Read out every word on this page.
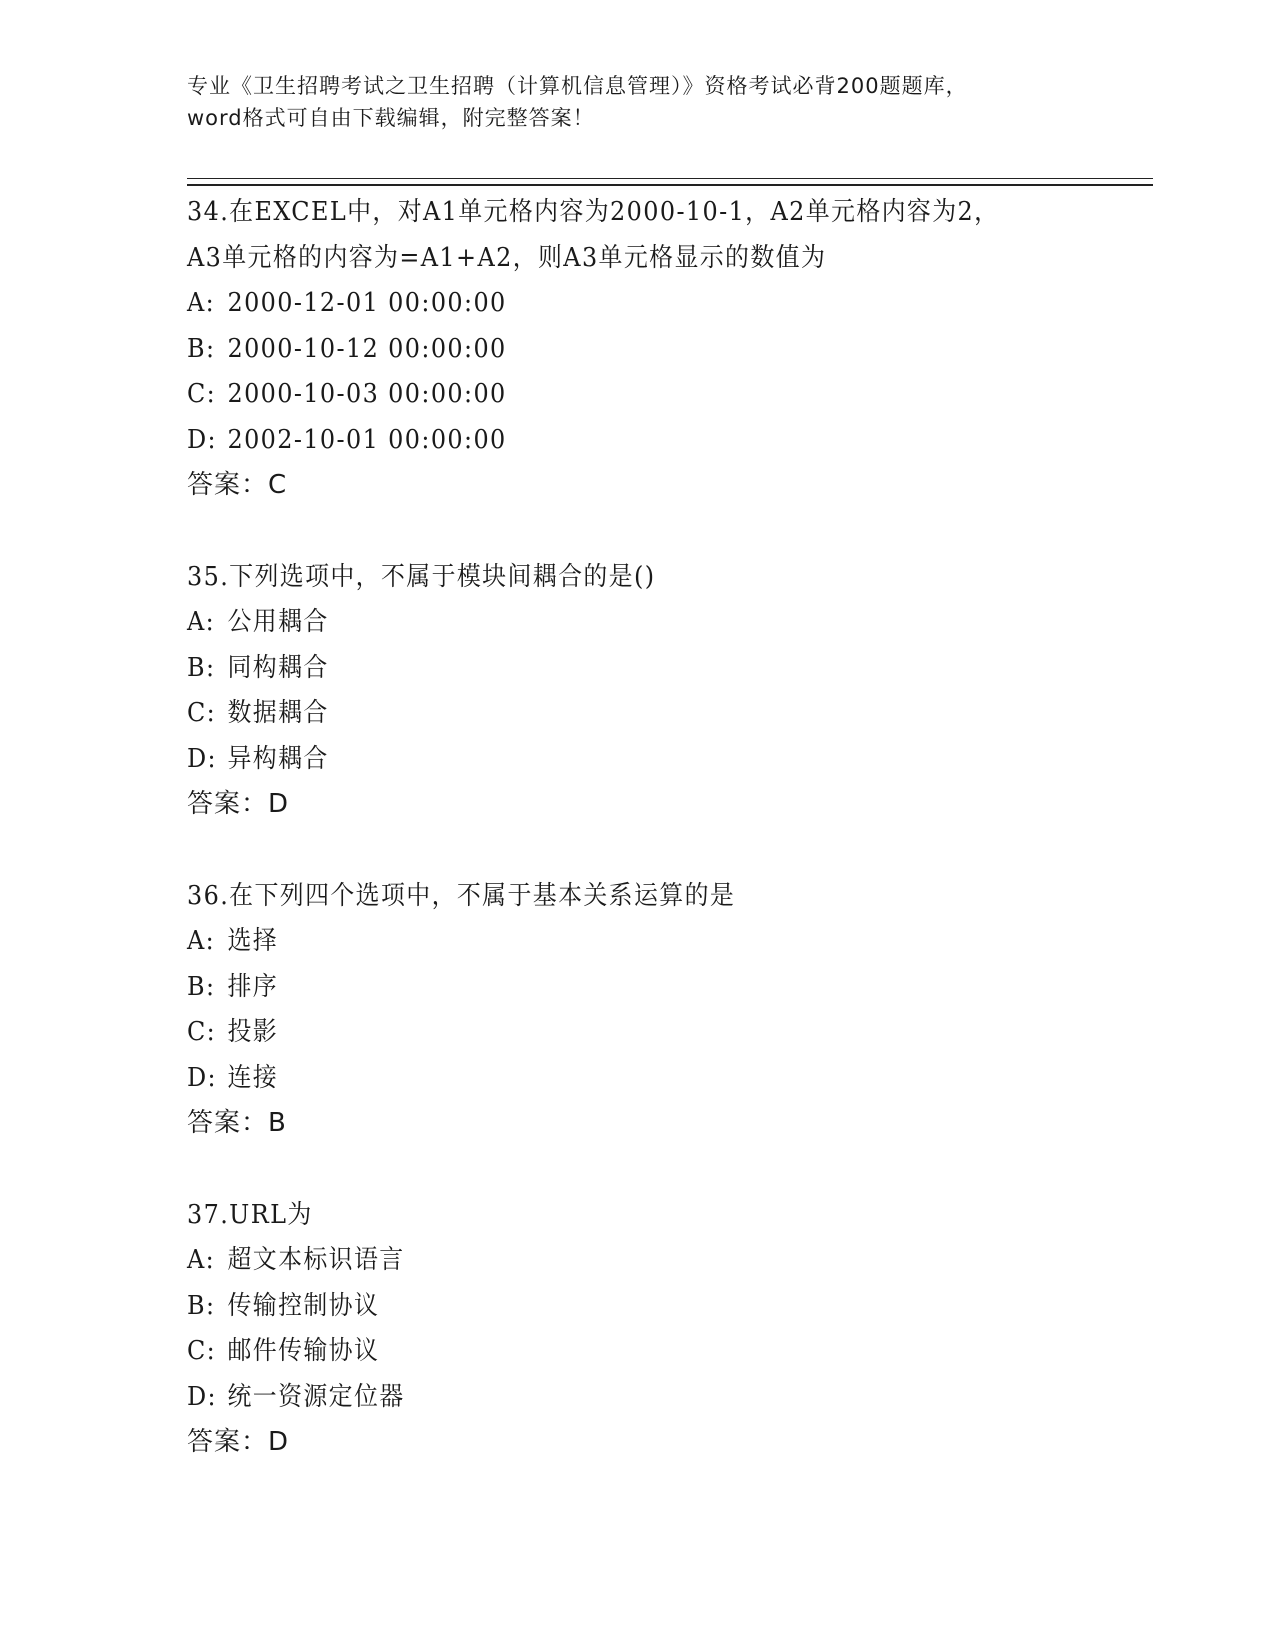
专业《卫生招聘考试之卫生招聘（计算机信息管理）》资格考试必背200题题库，
word格式可自由下载编辑，附完整答案！
34.在EXCEL中，对A1单元格内容为2000-10-1，A2单元格内容为2，
A3单元格的内容为=A1+A2，则A3单元格显示的数值为
A: 2000-12-01 00:00:00
B: 2000-10-12 00:00:00
C: 2000-10-03 00:00:00
D: 2002-10-01 00:00:00
答案：C
35.下列选项中，不属于模块间耦合的是()
A: 公用耦合
B: 同构耦合
C: 数据耦合
D: 异构耦合
答案：D
36.在下列四个选项中，不属于基本关系运算的是
A: 选择
B: 排序
C: 投影
D: 连接
答案：B
37.URL为
A: 超文本标识语言
B: 传输控制协议
C: 邮件传输协议
D: 统一资源定位器
答案：D
